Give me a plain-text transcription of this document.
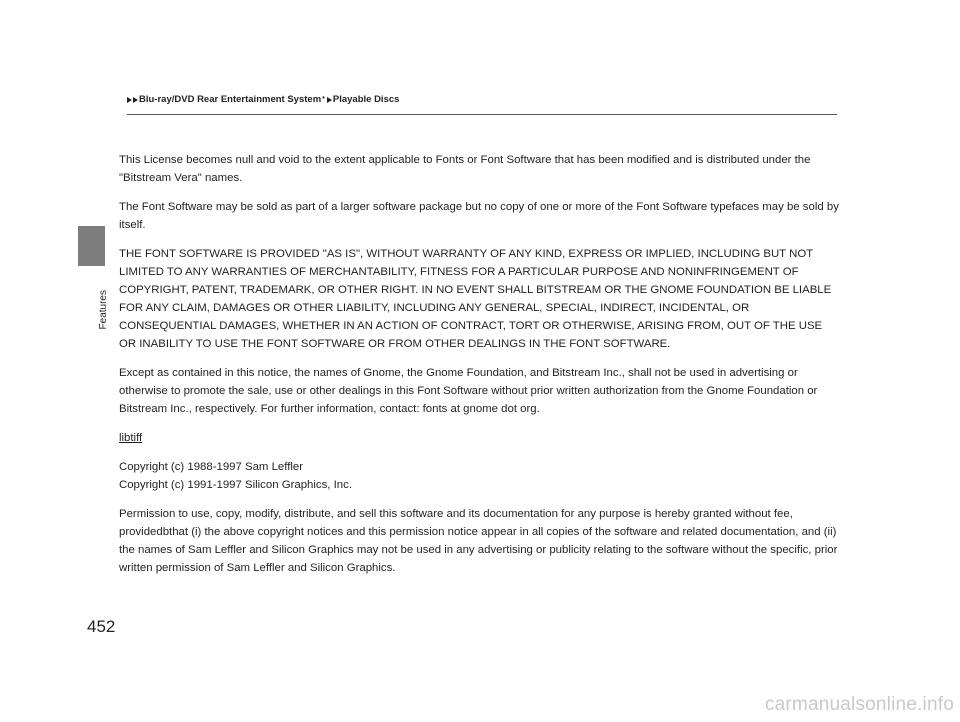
Features
Blu-ray/DVD Rear Entertainment System * Playable Discs

This License becomes null and void to the extent applicable to Fonts or Font Software that has been modified and is distributed under the "Bitstream Vera" names.

The Font Software may be sold as part of a larger software package but no copy of one or more of the Font Software typefaces may be sold by itself.

THE FONT SOFTWARE IS PROVIDED "AS IS", WITHOUT WARRANTY OF ANY KIND, EXPRESS OR IMPLIED, INCLUDING BUT NOT LIMITED TO ANY WARRANTIES OF MERCHANTABILITY, FITNESS FOR A PARTICULAR PURPOSE AND NONINFRINGEMENT OF COPYRIGHT, PATENT, TRADEMARK, OR OTHER RIGHT. IN NO EVENT SHALL BITSTREAM OR THE GNOME FOUNDATION BE LIABLE FOR ANY CLAIM, DAMAGES OR OTHER LIABILITY, INCLUDING ANY GENERAL, SPECIAL, INDIRECT, INCIDENTAL, OR CONSEQUENTIAL DAMAGES, WHETHER IN AN ACTION OF CONTRACT, TORT OR OTHERWISE, ARISING FROM, OUT OF THE USE OR INABILITY TO USE THE FONT SOFTWARE OR FROM OTHER DEALINGS IN THE FONT SOFTWARE.

Except as contained in this notice, the names of Gnome, the Gnome Foundation, and Bitstream Inc., shall not be used in advertising or otherwise to promote the sale, use or other dealings in this Font Software without prior written authorization from the Gnome Foundation or Bitstream Inc., respectively. For further information, contact: fonts at gnome dot org.

libtiff

Copyright (c) 1988-1997 Sam Leffler
Copyright (c) 1991-1997 Silicon Graphics, Inc.

Permission to use, copy, modify, distribute, and sell this software and its documentation for any purpose is hereby granted without fee, providedbthat (i) the above copyright notices and this permission notice appear in all copies of the software and related documentation, and (ii) the names of Sam Leffler and Silicon Graphics may not be used in any advertising or publicity relating to the software without the specific, prior written permission of Sam Leffler and Silicon Graphics.

452
carmanualsonline.info
